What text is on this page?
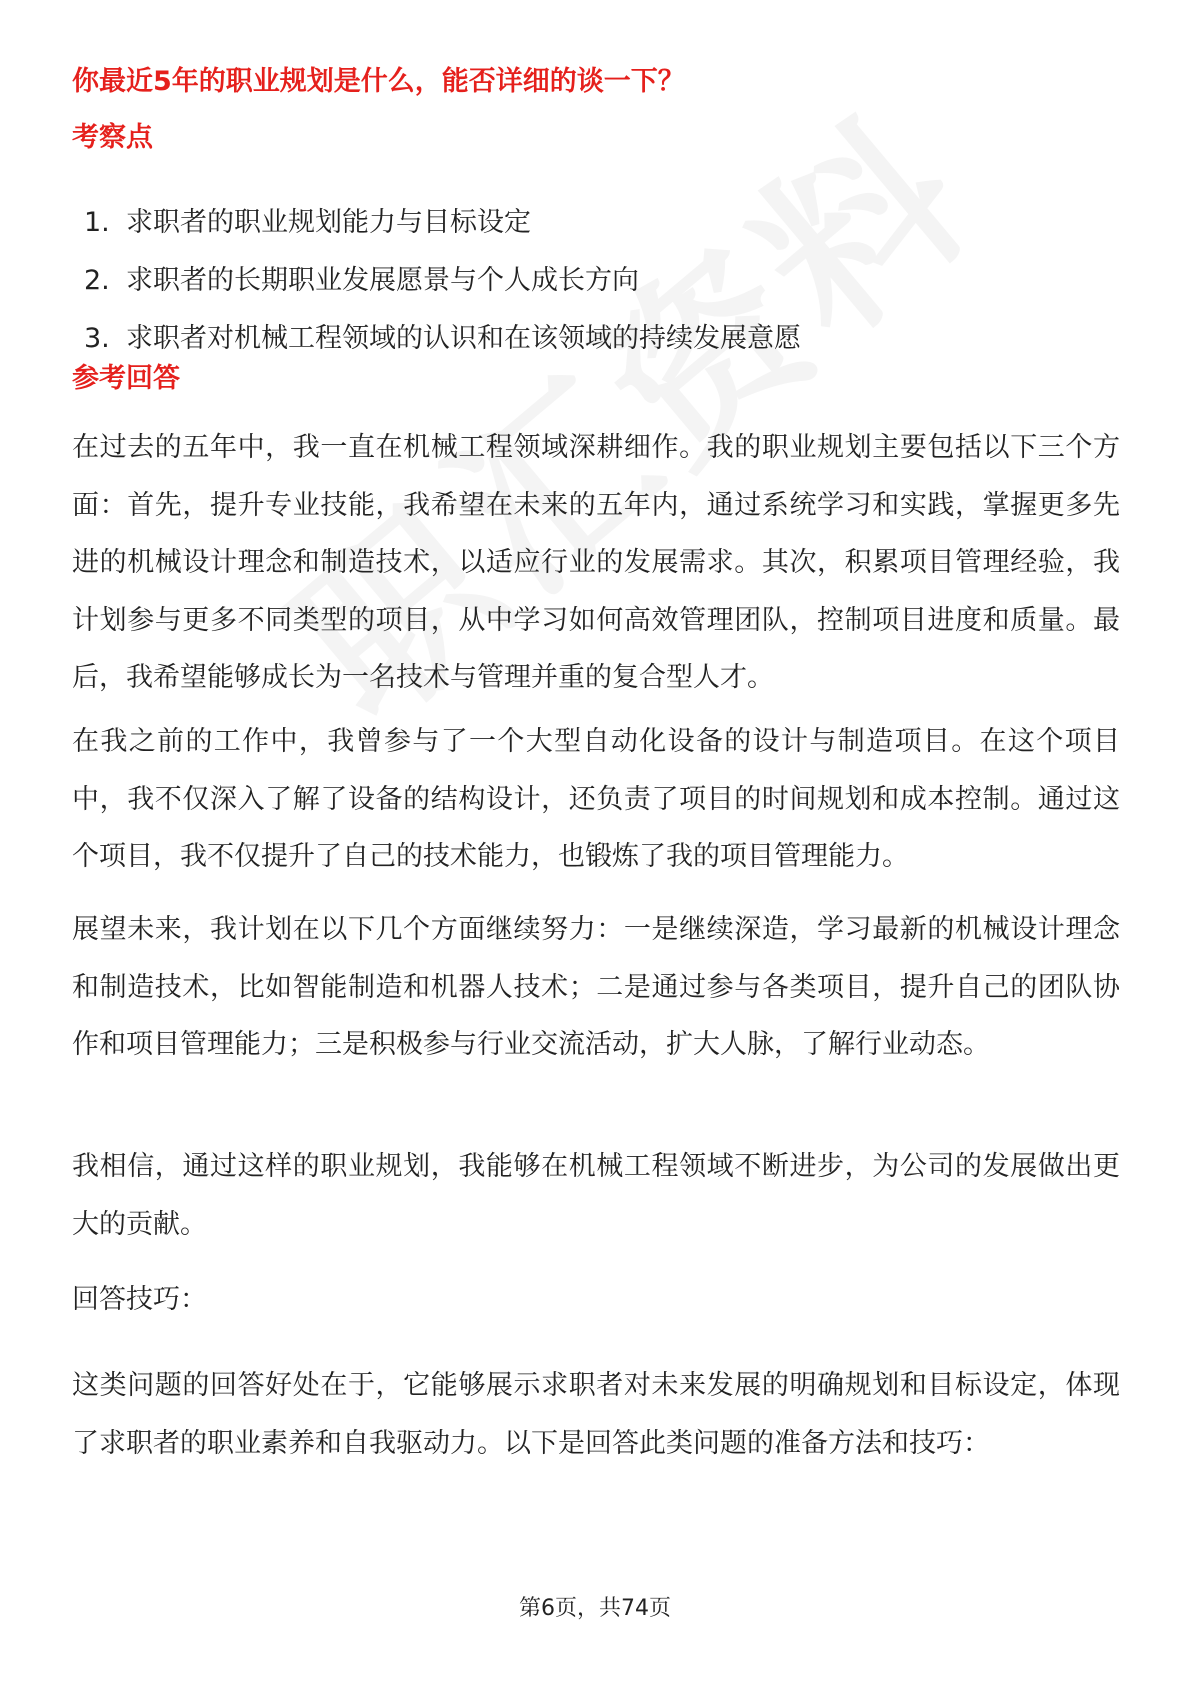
你最近5年的职业规划是什么，能否详细的谈一下？
考察点
1. 求职者的职业规划能力与目标设定
2. 求职者的长期职业发展愿景与个人成长方向
3. 求职者对机械工程领域的认识和在该领域的持续发展意愿
参考回答

在过去的五年中，我一直在机械工程领域深耕细作。我的职业规划主要包括以下三个方面：首先，提升专业技能，我希望在未来的五年内，通过系统学习和实践，掌握更多先进的机械设计理念和制造技术，以适应行业的发展需求。其次，积累项目管理经验，我计划参与更多不同类型的项目，从中学习如何高效管理团队，控制项目进度和质量。最后，我希望能够成长为一名技术与管理并重的复合型人才。

在我之前的工作中，我曾参与了一个大型自动化设备的设计与制造项目。在这个项目中，我不仅深入了解了设备的结构设计，还负责了项目的时间规划和成本控制。通过这个项目，我不仅提升了自己的技术能力，也锻炼了我的项目管理能力。

展望未来，我计划在以下几个方面继续努力：一是继续深造，学习最新的机械设计理念和制造技术，比如智能制造和机器人技术；二是通过参与各类项目，提升自己的团队协作和项目管理能力；三是积极参与行业交流活动，扩大人脉，了解行业动态。

我相信，通过这样的职业规划，我能够在机械工程领域不断进步，为公司的发展做出更大的贡献。

回答技巧：

这类问题的回答好处在于，它能够展示求职者对未来发展的明确规划和目标设定，体现了求职者的职业素养和自我驱动力。以下是回答此类问题的准备方法和技巧：

第6页，共74页
